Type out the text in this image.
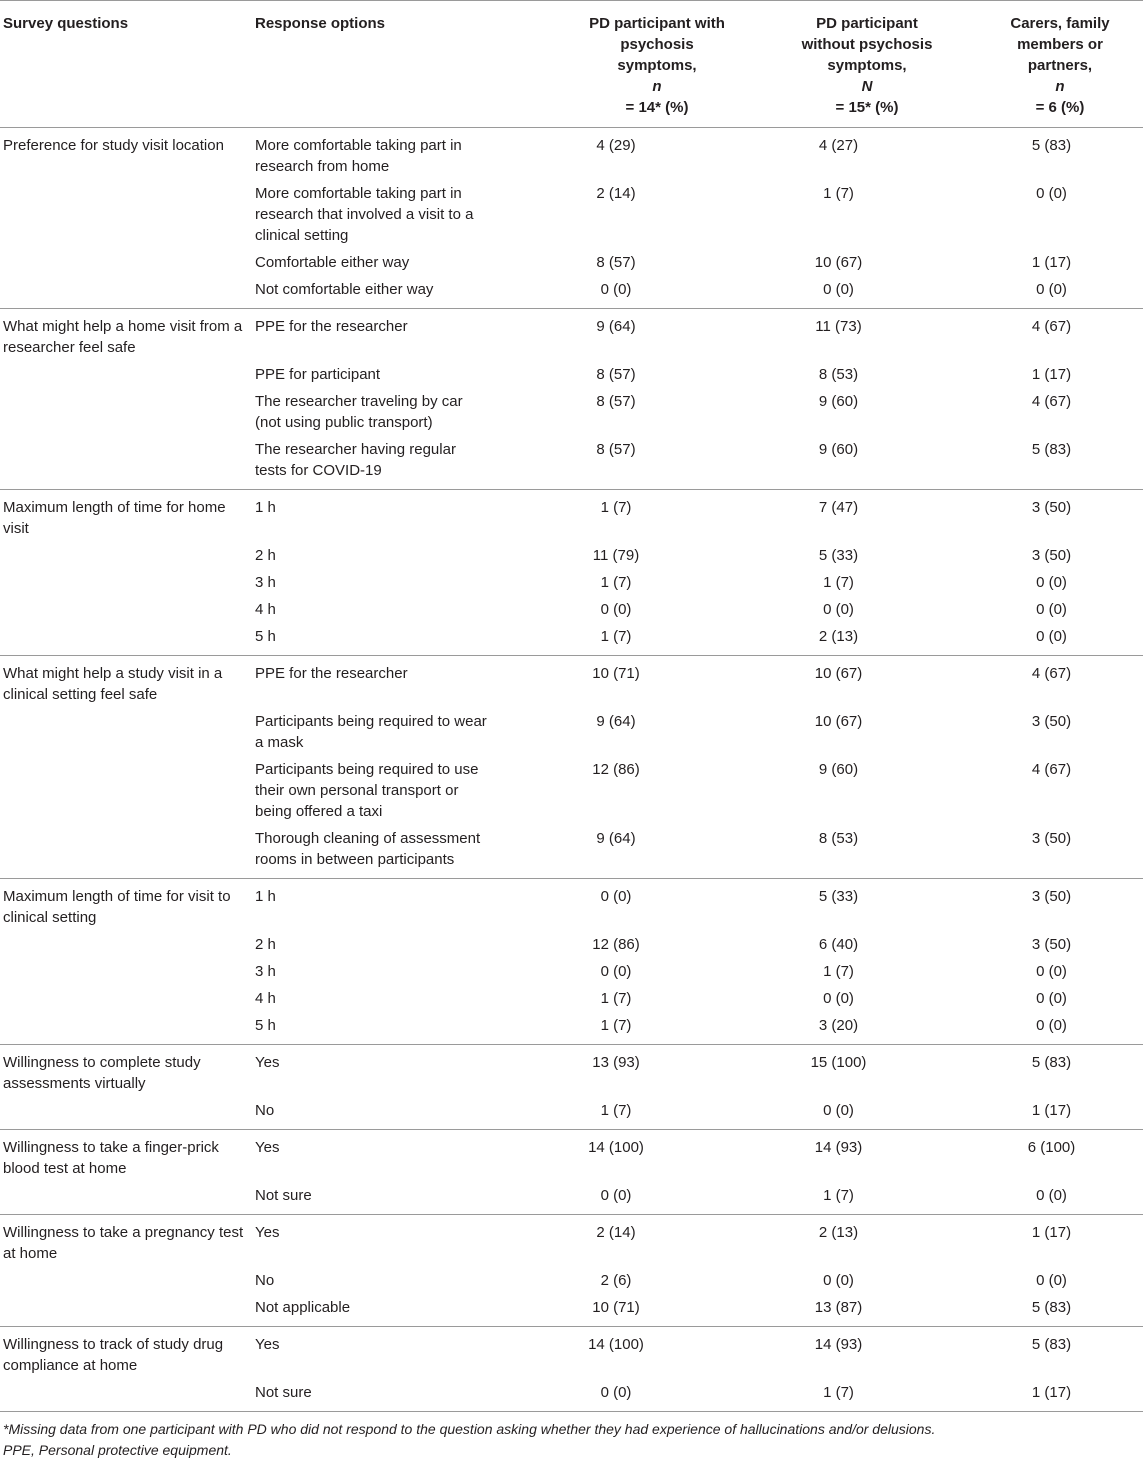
Survey questions	Response options	PD participant with
psychosis
symptoms,
n= 14* (%)	PD participant
without psychosis
symptoms,
N= 15* (%)	Carers, family
members or
partners,
n= 6 (%)
Preference for study visit location	More comfortable taking part in research from home	4 (29)	4 (27)	5 (83)
	More comfortable taking part in research that involved a visit to a clinical setting	2 (14)	1 (7)	0 (0)
	Comfortable either way	8 (57)	10 (67)	1 (17)
	Not comfortable either way	0 (0)	0 (0)	0 (0)
What might help a home visit from a researcher feel safe	PPE for the researcher	9 (64)	11 (73)	4 (67)
	PPE for participant	8 (57)	8 (53)	1 (17)
	The researcher traveling by car (not using public transport)	8 (57)	9 (60)	4 (67)
	The researcher having regular tests for COVID-19	8 (57)	9 (60)	5 (83)
Maximum length of time for home visit	1 h	1 (7)	7 (47)	3 (50)
	2 h	11 (79)	5 (33)	3 (50)
	3 h	1 (7)	1 (7)	0 (0)
	4 h	0 (0)	0 (0)	0 (0)
	5 h	1 (7)	2 (13)	0 (0)
What might help a study visit in a clinical setting feel safe	PPE for the researcher	10 (71)	10 (67)	4 (67)
	Participants being required to wear a mask	9 (64)	10 (67)	3 (50)
	Participants being required to use their own personal transport or being offered a taxi	12 (86)	9 (60)	4 (67)
	Thorough cleaning of assessment rooms in between participants	9 (64)	8 (53)	3 (50)
Maximum length of time for visit to clinical setting	1 h	0 (0)	5 (33)	3 (50)
	2 h	12 (86)	6 (40)	3 (50)
	3 h	0 (0)	1 (7)	0 (0)
	4 h	1 (7)	0 (0)	0 (0)
	5 h	1 (7)	3 (20)	0 (0)
Willingness to complete study assessments virtually	Yes	13 (93)	15 (100)	5 (83)
	No	1 (7)	0 (0)	1 (17)
Willingness to take a finger-prick blood test at home	Yes	14 (100)	14 (93)	6 (100)
	Not sure	0 (0)	1 (7)	0 (0)
Willingness to take a pregnancy test at home	Yes	2 (14)	2 (13)	1 (17)
	No	2 (6)	0 (0)	0 (0)
	Not applicable	10 (71)	13 (87)	5 (83)
Willingness to track of study drug compliance at home	Yes	14 (100)	14 (93)	5 (83)
	Not sure	0 (0)	1 (7)	1 (17)

*Missing data from one participant with PD who did not respond to the question asking whether they had experience of hallucinations and/or delusions.

PPE, Personal protective equipment.
